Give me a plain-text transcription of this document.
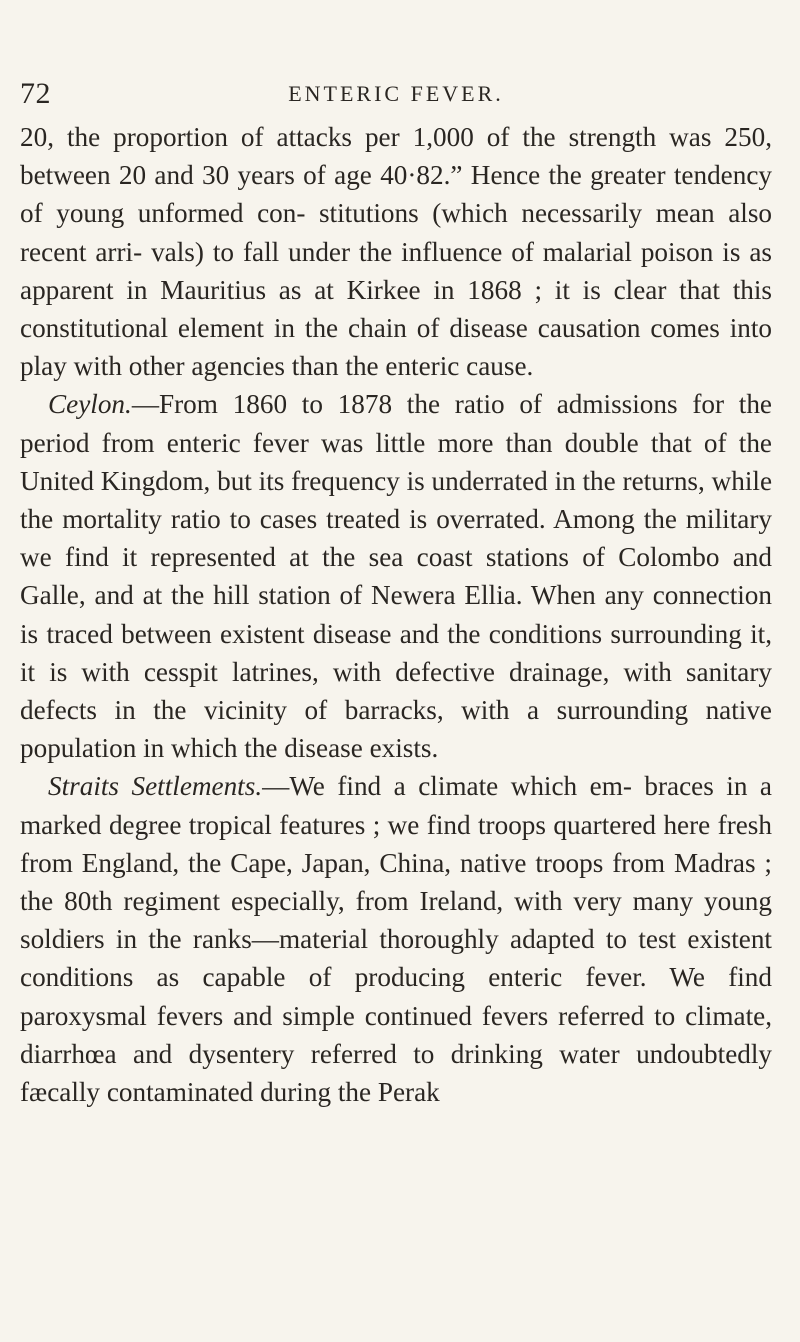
72	ENTERIC FEVER.

20, the proportion of attacks per 1,000 of the strength was 250, between 20 and 30 years of age 40·82.” Hence the greater tendency of young unformed con- stitutions (which necessarily mean also recent arri- vals) to fall under the influence of malarial poison is as apparent in Mauritius as at Kirkee in 1868 ; it is clear that this constitutional element in the chain of disease causation comes into play with other agencies than the enteric cause.

Ceylon.—From 1860 to 1878 the ratio of admissions for the period from enteric fever was little more than double that of the United Kingdom, but its frequency is underrated in the returns, while the mortality ratio to cases treated is overrated. Among the military we find it represented at the sea coast stations of Colombo and Galle, and at the hill station of Newera Ellia. When any connection is traced between existent disease and the conditions surrounding it, it is with cesspit latrines, with defective drainage, with sanitary defects in the vicinity of barracks, with a surrounding native population in which the disease exists.

Straits Settlements.—We find a climate which em- braces in a marked degree tropical features ; we find troops quartered here fresh from England, the Cape, Japan, China, native troops from Madras ; the 80th regiment especially, from Ireland, with very many young soldiers in the ranks—material thoroughly adapted to test existent conditions as capable of producing enteric fever. We find paroxysmal fevers and simple continued fevers referred to climate, diarrhœa and dysentery referred to drinking water undoubtedly fæcally contaminated during the Perak
